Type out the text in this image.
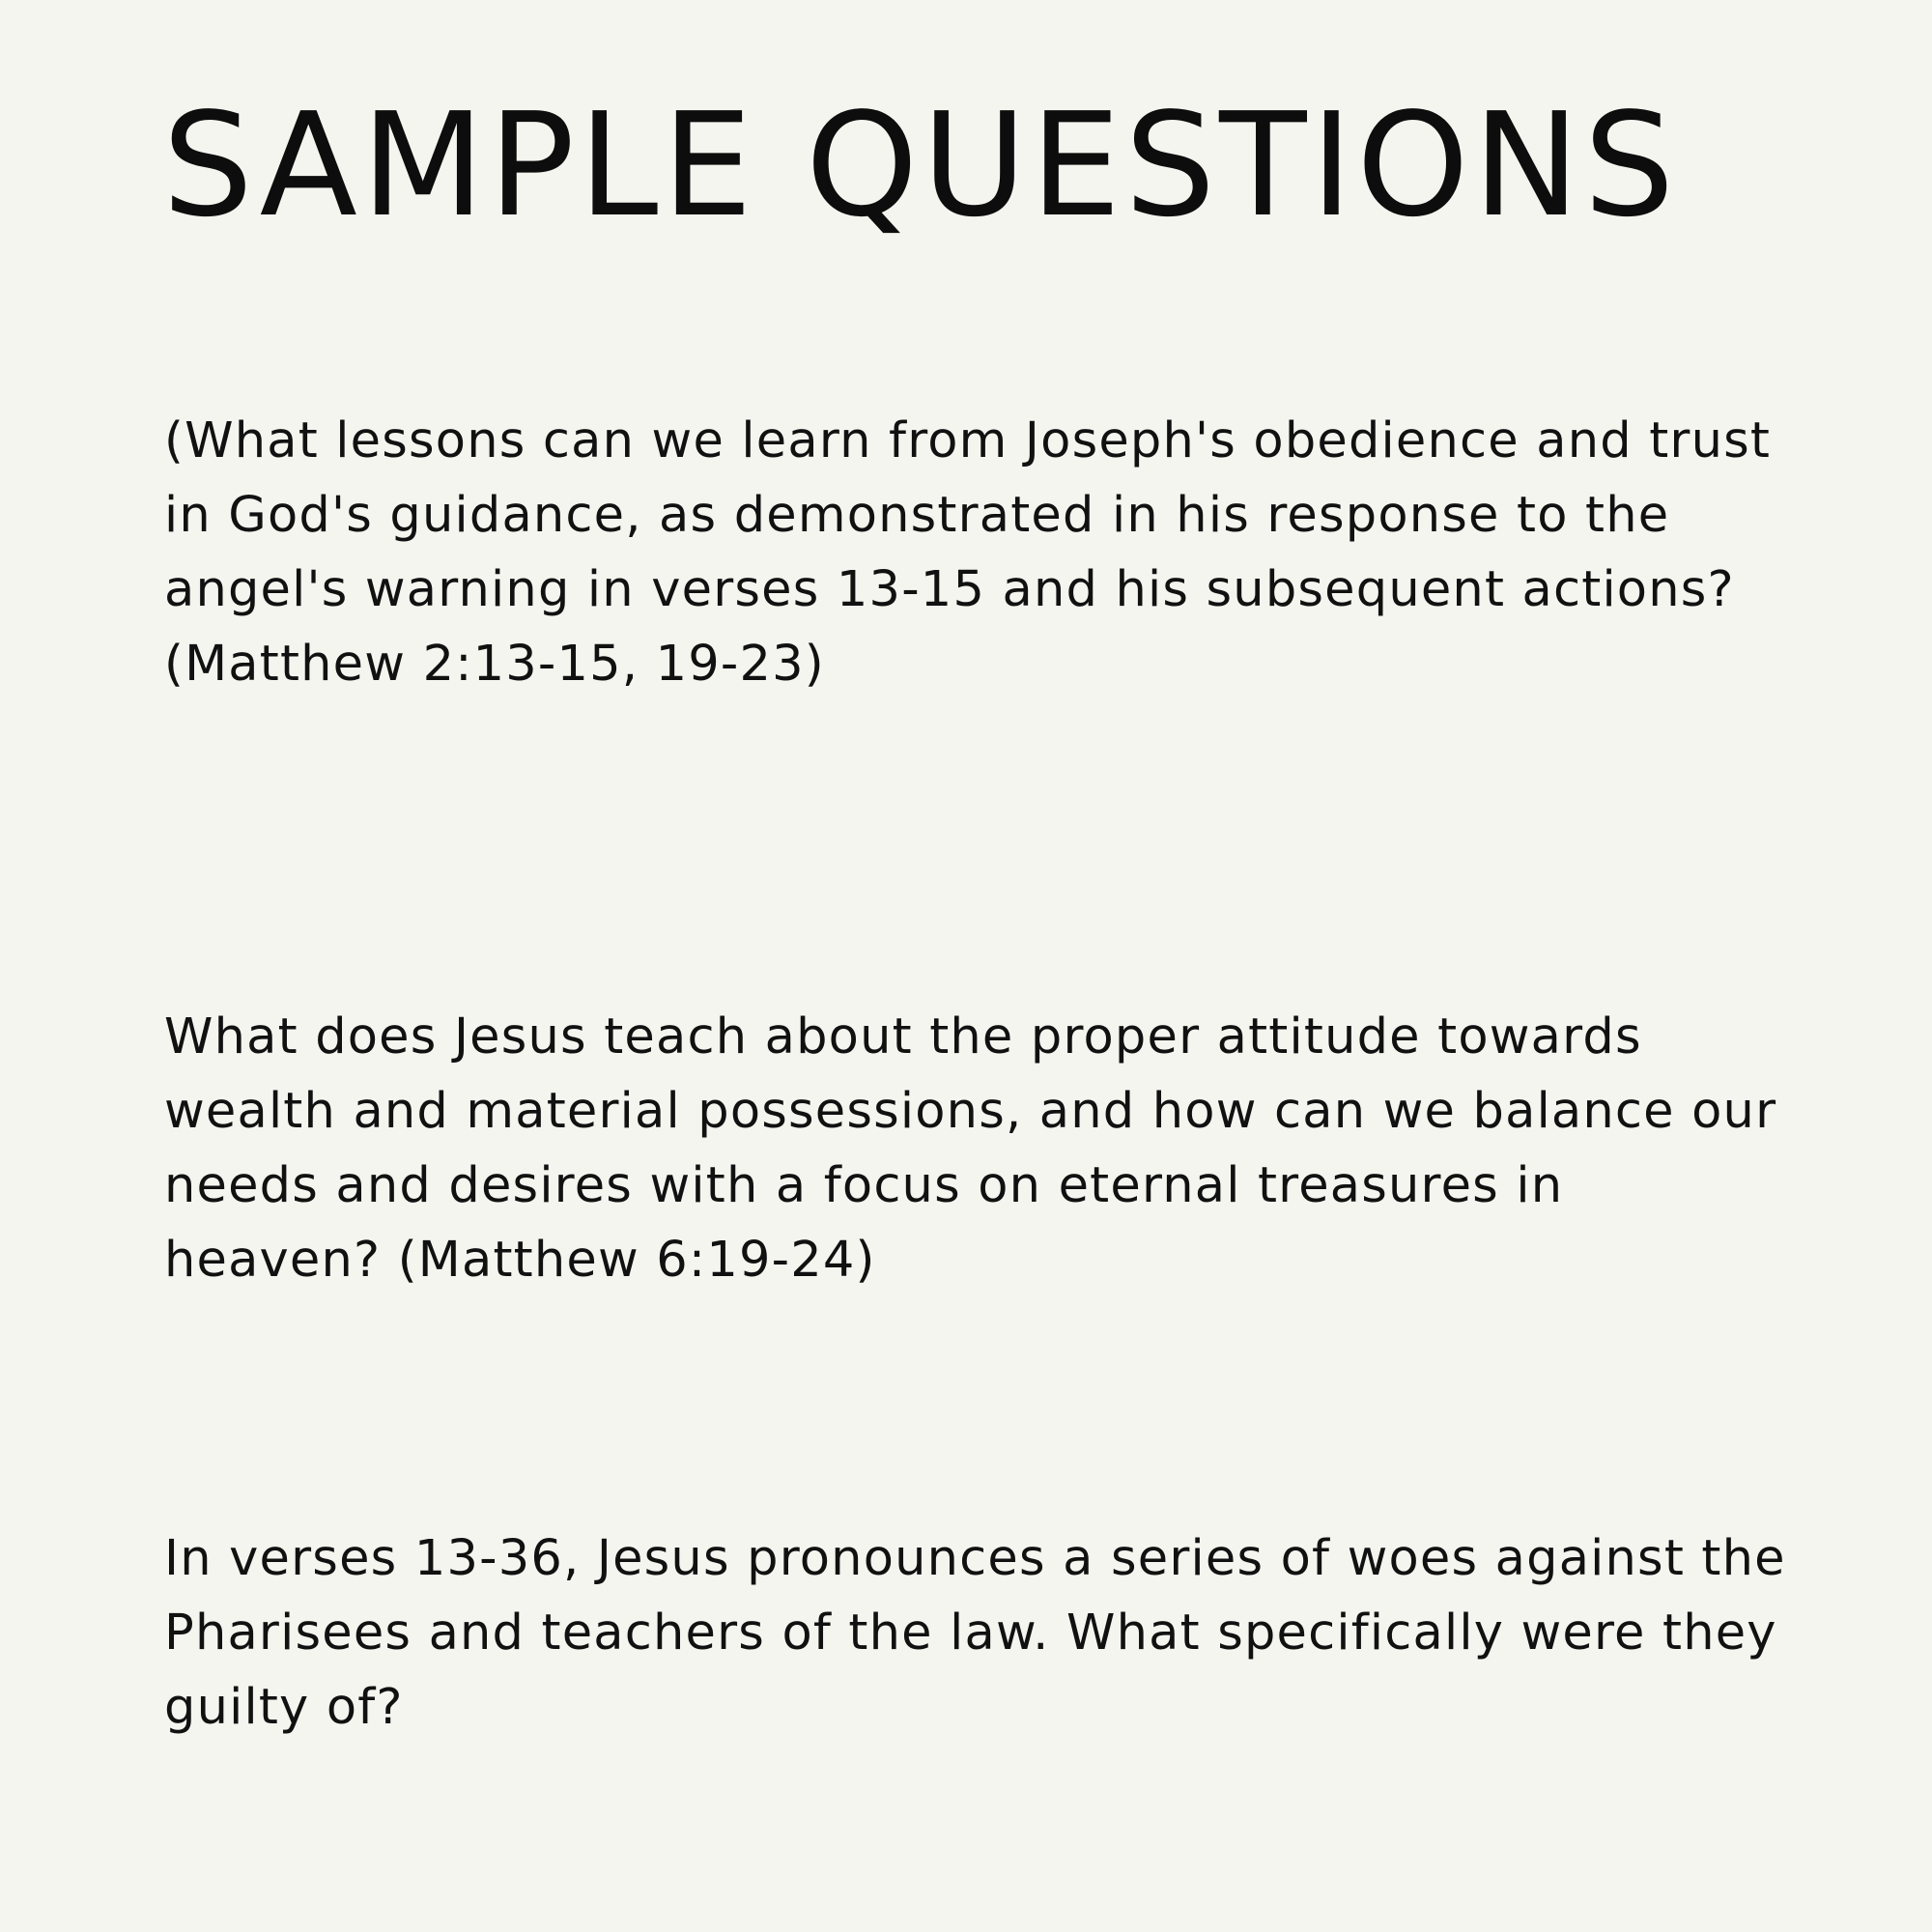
SAMPLE QUESTIONS

(What lessons can we learn from Joseph's obedience and trust in God's guidance, as demonstrated in his response to the angel's warning in verses 13-15 and his subsequent actions? (Matthew 2:13-15, 19-23)

What does Jesus teach about the proper attitude towards wealth and material possessions, and how can we balance our needs and desires with a focus on eternal treasures in heaven? (Matthew 6:19-24)

In verses 13-36, Jesus pronounces a series of woes against the Pharisees and teachers of the law. What specifically were they guilty of?
